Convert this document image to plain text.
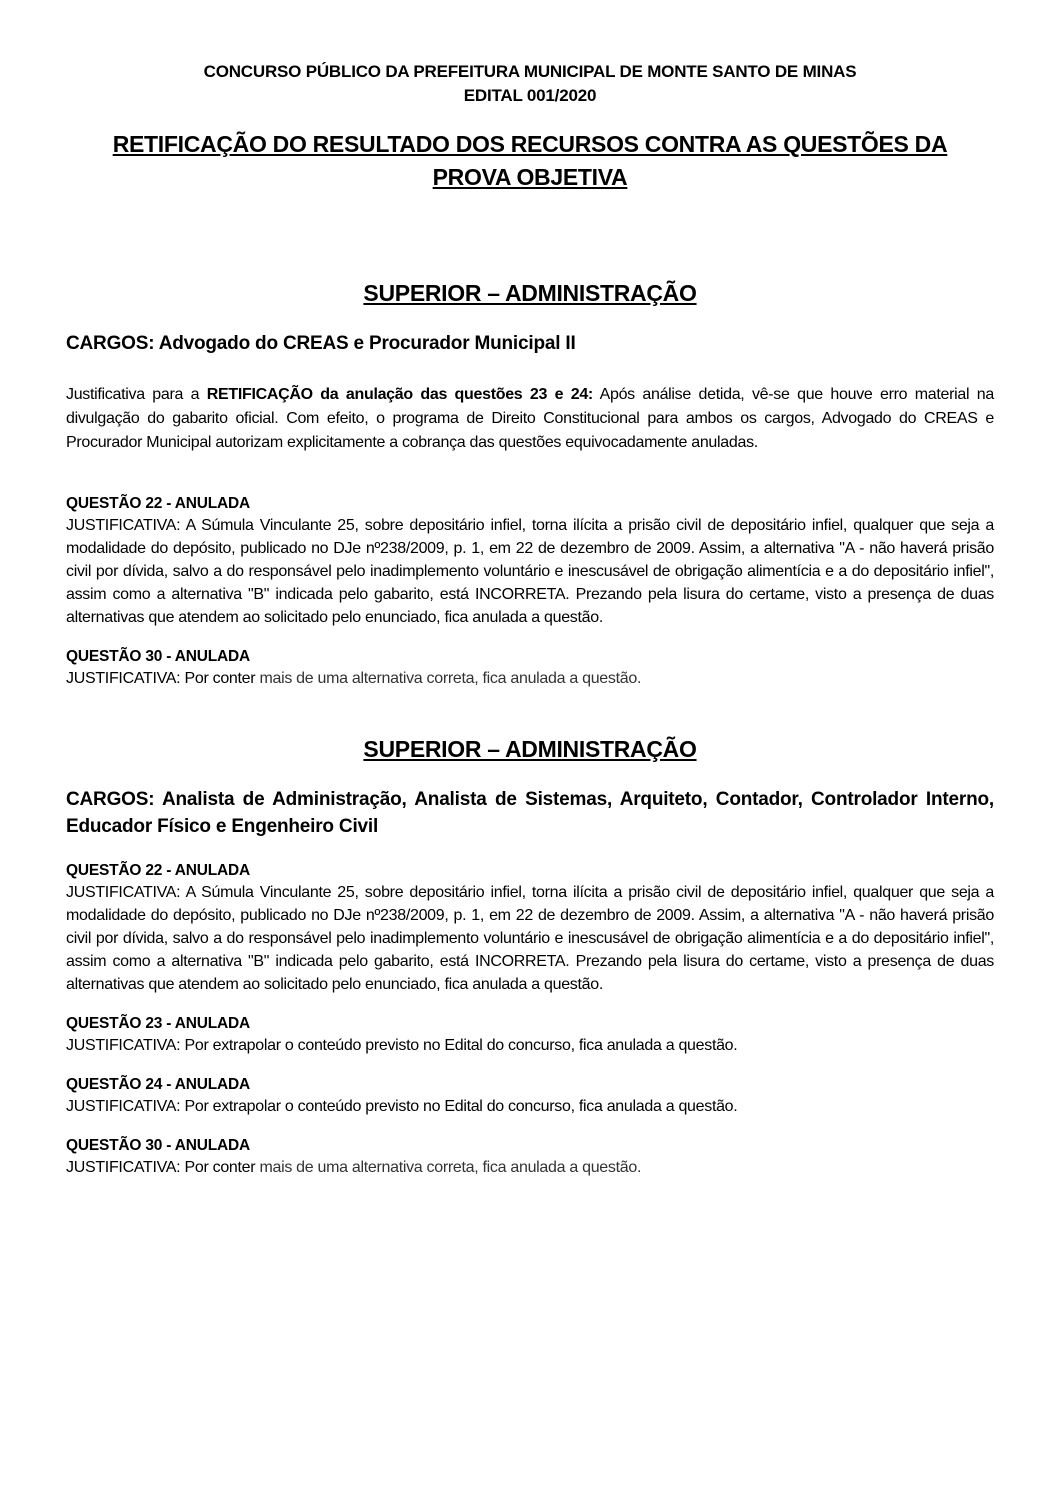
CONCURSO PÚBLICO DA PREFEITURA MUNICIPAL DE MONTE SANTO DE MINAS
EDITAL 001/2020
RETIFICAÇÃO DO RESULTADO DOS RECURSOS CONTRA AS QUESTÕES DA
PROVA OBJETIVA
SUPERIOR – ADMINISTRAÇÃO
CARGOS: Advogado do CREAS e Procurador Municipal II
Justificativa para a RETIFICAÇÃO da anulação das questões 23 e 24: Após análise detida, vê-se que houve erro material na divulgação do gabarito oficial. Com efeito, o programa de Direito Constitucional para ambos os cargos, Advogado do CREAS e Procurador Municipal autorizam explicitamente a cobrança das questões equivocadamente anuladas.
QUESTÃO 22 - ANULADA
JUSTIFICATIVA: A Súmula Vinculante 25, sobre depositário infiel, torna ilícita a prisão civil de depositário infiel, qualquer que seja a modalidade do depósito, publicado no DJe nº238/2009, p. 1, em 22 de dezembro de 2009. Assim, a alternativa "A - não haverá prisão civil por dívida, salvo a do responsável pelo inadimplemento voluntário e inescusável de obrigação alimentícia e a do depositário infiel", assim como a alternativa "B" indicada pelo gabarito, está INCORRETA. Prezando pela lisura do certame, visto a presença de duas alternativas que atendem ao solicitado pelo enunciado, fica anulada a questão.
QUESTÃO 30 - ANULADA
JUSTIFICATIVA: Por conter mais de uma alternativa correta, fica anulada a questão.
SUPERIOR – ADMINISTRAÇÃO
CARGOS: Analista de Administração, Analista de Sistemas, Arquiteto, Contador, Controlador Interno, Educador Físico e Engenheiro Civil
QUESTÃO 22 - ANULADA
JUSTIFICATIVA: A Súmula Vinculante 25, sobre depositário infiel, torna ilícita a prisão civil de depositário infiel, qualquer que seja a modalidade do depósito, publicado no DJe nº238/2009, p. 1, em 22 de dezembro de 2009. Assim, a alternativa "A - não haverá prisão civil por dívida, salvo a do responsável pelo inadimplemento voluntário e inescusável de obrigação alimentícia e a do depositário infiel", assim como a alternativa "B" indicada pelo gabarito, está INCORRETA. Prezando pela lisura do certame, visto a presença de duas alternativas que atendem ao solicitado pelo enunciado, fica anulada a questão.
QUESTÃO 23 - ANULADA
JUSTIFICATIVA: Por extrapolar o conteúdo previsto no Edital do concurso, fica anulada a questão.
QUESTÃO 24 - ANULADA
JUSTIFICATIVA: Por extrapolar o conteúdo previsto no Edital do concurso, fica anulada a questão.
QUESTÃO 30 - ANULADA
JUSTIFICATIVA: Por conter mais de uma alternativa correta, fica anulada a questão.
